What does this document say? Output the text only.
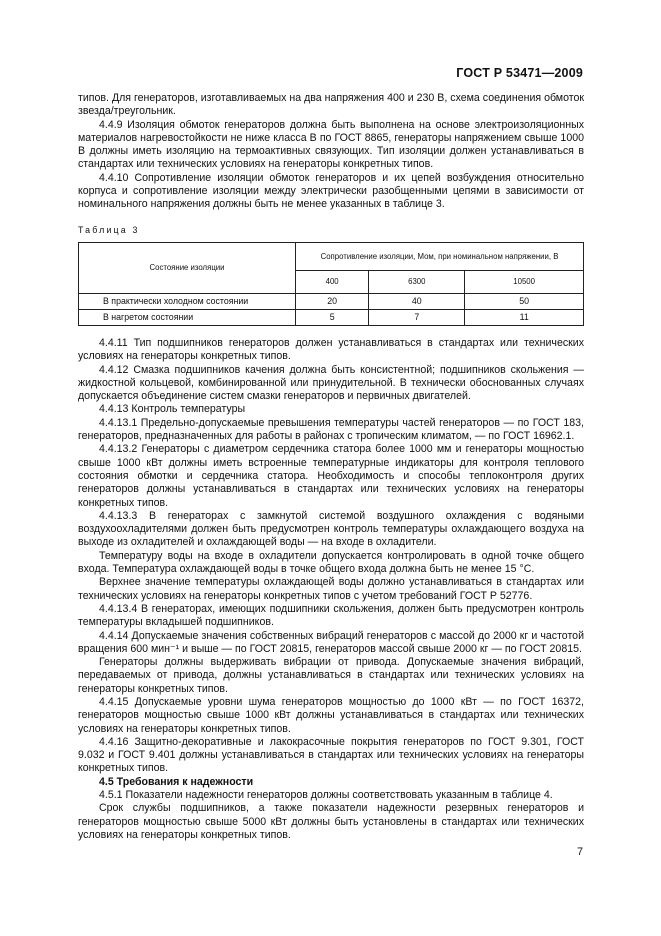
ГОСТ Р 53471—2009

типов. Для генераторов, изготавливаемых на два напряжения 400 и 230 В, схема соединения обмоток звезда/треугольник.

4.4.9 Изоляция обмоток генераторов должна быть выполнена на основе электроизоляционных материалов нагревостойкости не ниже класса В по ГОСТ 8865, генераторы напряжением свыше 1000 В должны иметь изоляцию на термоактивных связующих. Тип изоляции должен устанавливаться в стандартах или технических условиях на генераторы конкретных типов.

4.4.10 Сопротивление изоляции обмоток генераторов и их цепей возбуждения относительно корпуса и сопротивление изоляции между электрически разобщенными цепями в зависимости от номинального напряжения должны быть не менее указанных в таблице 3.

Таблица 3
Состояние изоляции	Сопротивление изоляции, Мом, при номинальном напряжении, В		
	400	6300	10500
В практически холодном состоянии	20	40	50
В нагретом состоянии	5	7	11

4.4.11 Тип подшипников генераторов должен устанавливаться в стандартах или технических условиях на генераторы конкретных типов.

4.4.12 Смазка подшипников качения должна быть консистентной; подшипников скольжения — жидкостной кольцевой, комбинированной или принудительной. В технически обоснованных случаях допускается объединение систем смазки генераторов и первичных двигателей.

4.4.13 Контроль температуры

4.4.13.1 Предельно-допускаемые превышения температуры частей генераторов — по ГОСТ 183, генераторов, предназначенных для работы в районах с тропическим климатом, — по ГОСТ 16962.1.

4.4.13.2 Генераторы с диаметром сердечника статора более 1000 мм и генераторы мощностью свыше 1000 кВт должны иметь встроенные температурные индикаторы для контроля теплового состояния обмотки и сердечника статора. Необходимость и способы теплоконтроля других генераторов должны устанавливаться в стандартах или технических условиях на генераторы конкретных типов.

4.4.13.3 В генераторах с замкнутой системой воздушного охлаждения с водяными воздухоохладителями должен быть предусмотрен контроль температуры охлаждающего воздуха на выходе из охладителей и охлаждающей воды — на входе в охладители.

Температуру воды на входе в охладители допускается контролировать в одной точке общего входа. Температура охлаждающей воды в точке общего входа должна быть не менее 15 °С.

Верхнее значение температуры охлаждающей воды должно устанавливаться в стандартах или технических условиях на генераторы конкретных типов с учетом требований ГОСТ Р 52776.

4.4.13.4 В генераторах, имеющих подшипники скольжения, должен быть предусмотрен контроль температуры вкладышей подшипников.

4.4.14 Допускаемые значения собственных вибраций генераторов с массой до 2000 кг и частотой вращения 600 мин⁻¹ и выше — по ГОСТ 20815, генераторов массой свыше 2000 кг — по ГОСТ 20815.

Генераторы должны выдерживать вибрации от привода. Допускаемые значения вибраций, передаваемых от привода, должны устанавливаться в стандартах или технических условиях на генераторы конкретных типов.

4.4.15 Допускаемые уровни шума генераторов мощностью до 1000 кВт — по ГОСТ 16372, генераторов мощностью свыше 1000 кВт должны устанавливаться в стандартах или технических условиях на генераторы конкретных типов.

4.4.16 Защитно-декоративные и лакокрасочные покрытия генераторов по ГОСТ 9.301, ГОСТ 9.032 и ГОСТ 9.401 должны устанавливаться в стандартах или технических условиях на генераторы конкретных типов.

4.5 Требования к надежности

4.5.1 Показатели надежности генераторов должны соответствовать указанным в таблице 4.

Срок службы подшипников, а также показатели надежности резервных генераторов и генераторов мощностью свыше 5000 кВт должны быть установлены в стандартах или технических условиях на генераторы конкретных типов.

7
